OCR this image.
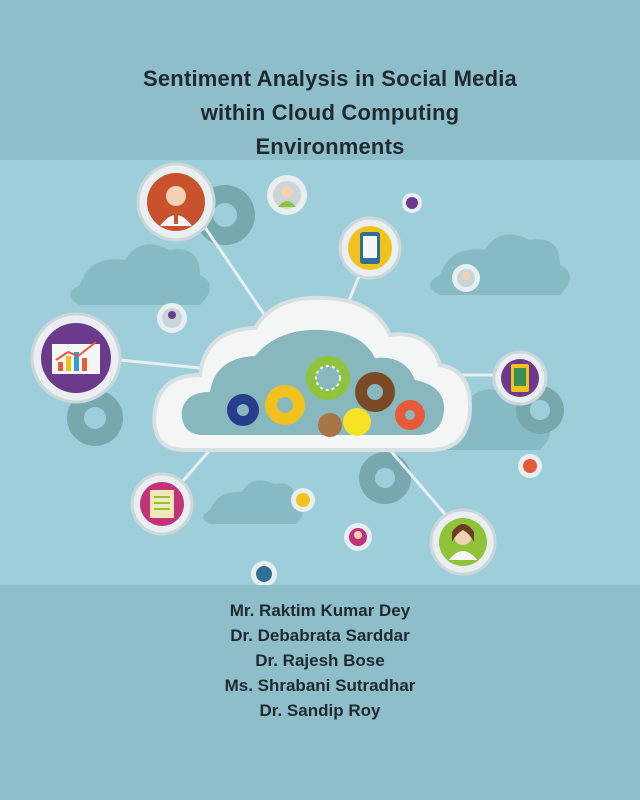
Sentiment Analysis in Social Media
within Cloud Computing
Environments
Mr. Raktim Kumar Dey
Dr. Debabrata Sarddar
Dr. Rajesh Bose
Ms. Shrabani Sutradhar
Dr. Sandip Roy
